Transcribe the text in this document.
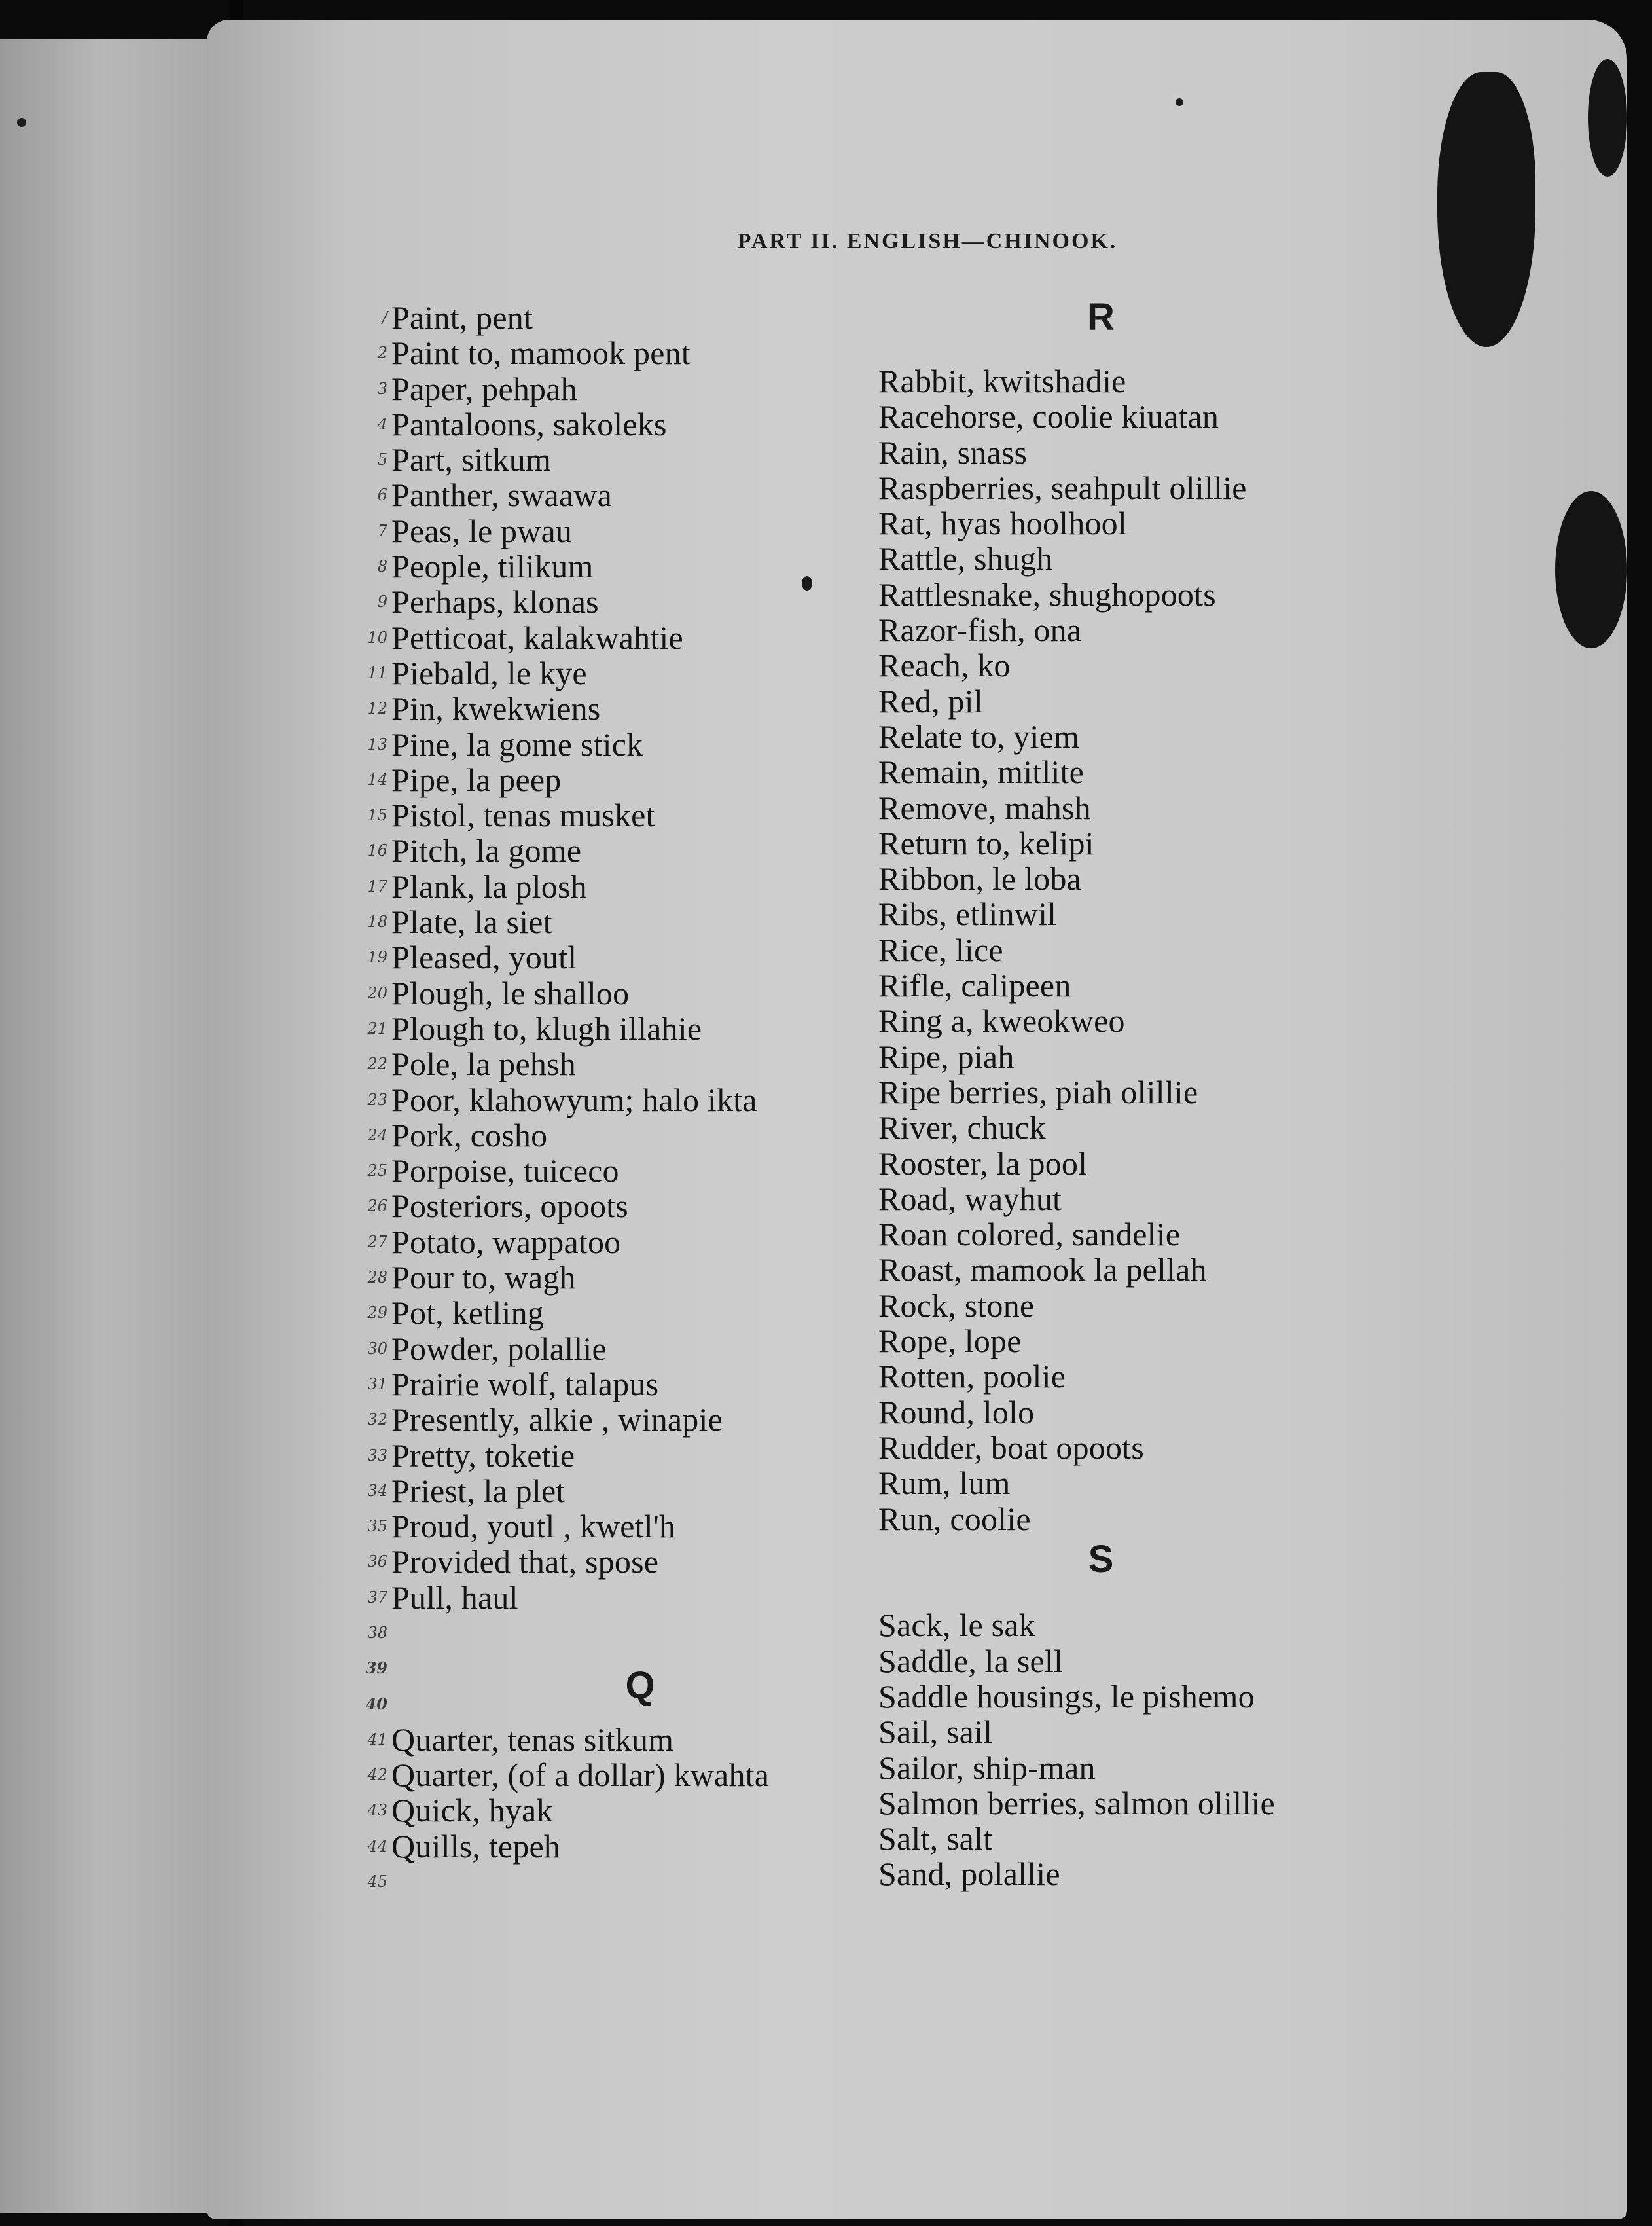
PART II. ENGLISH—CHINOOK.
/ Paint, pent
2 Paint to, mamook pent
3 Paper, pehpah
4 Pantaloons, sakoleks
5 Part, sitkum
6 Panther, swaawa
7 Peas, le pwau
8 People, tilikum
9 Perhaps, klonas
10 Petticoat, kalakwahtie
11 Piebald, le kye
12 Pin, kwekwiens
13 Pine, la gome stick
14 Pipe, la peep
15 Pistol, tenas musket
16 Pitch, la gome
17 Plank, la plosh
18 Plate, la siet
19 Pleased, youtl
20 Plough, le shalloo
21 Plough to, klugh illahie
22 Pole, la pehsh
23 Poor, klahowyum; halo ikta
24 Pork, cosho
25 Porpoise, tuiceco
26 Posteriors, opoots
27 Potato, wappatoo
28 Pour to, wagh
29 Pot, ketling
30 Powder, polallie
31 Prairie wolf, talapus
32 Presently, alkie , winapie
33 Pretty, toketie
34 Priest, la plet
35 Proud, youtl , kwetl'h
36 Provided that, spose
37 Pull, haul
38
39
40	Q
41 Quarter, tenas sitkum
42 Quarter, (of a dollar) kwahta
43 Quick, hyak
44 Quills, tepeh
45
R
Rabbit, kwitshadie
Racehorse, coolie kiuatan
Rain, snass
Raspberries, seahpult olillie
Rat, hyas hoolhool
Rattle, shugh
Rattlesnake, shughopoots
Razor-fish, ona
Reach, ko
Red, pil
Relate to, yiem
Remain, mitlite
Remove, mahsh
Return to, kelipi
Ribbon, le loba
Ribs, etlinwil
Rice, lice
Rifle, calipeen
Ring a, kweokweo
Ripe, piah
Ripe berries, piah olillie
River, chuck
Rooster, la pool
Road, wayhut
Roan colored, sandelie
Roast, mamook la pellah
Rock, stone
Rope, lope
Rotten, poolie
Round, lolo
Rudder, boat opoots
Rum, lum
Run, coolie
S
Sack, le sak
Saddle, la sell
Saddle housings, le pishemo
Sail, sail
Sailor, ship-man
Salmon berries, salmon olillie
Salt, salt
Sand, polallie
